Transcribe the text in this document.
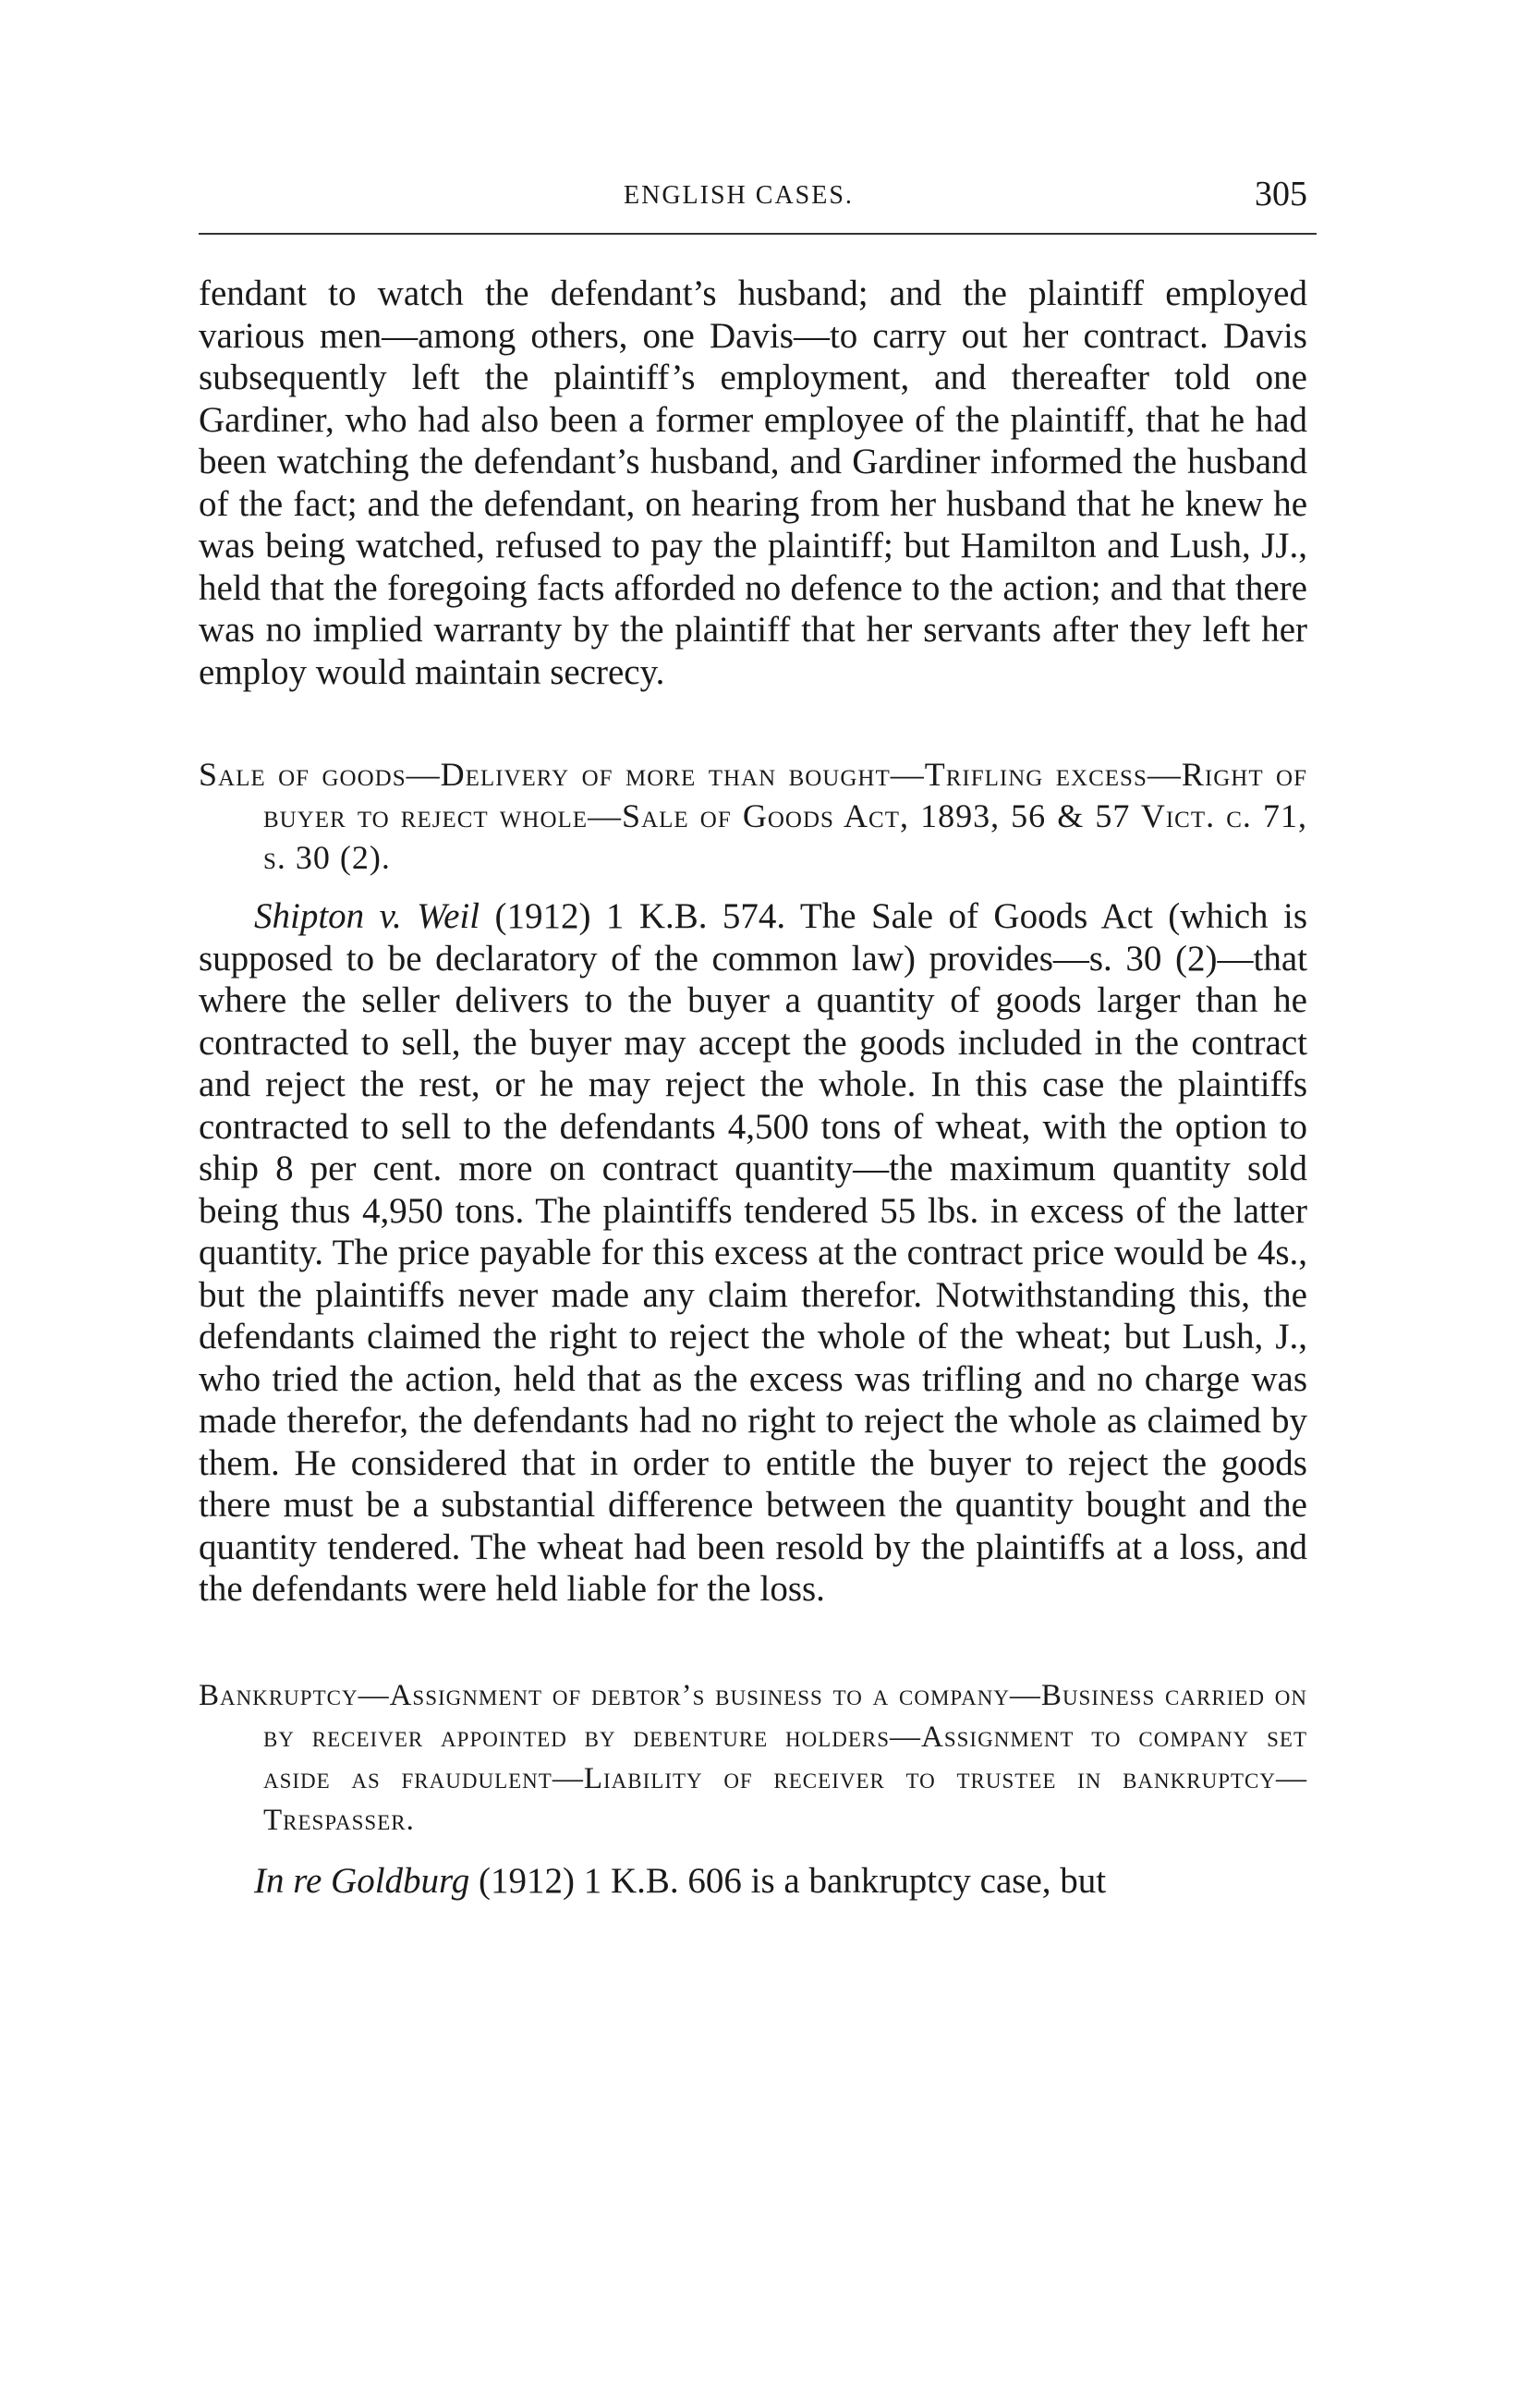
ENGLISH CASES.	305

fendant to watch the defendant’s husband; and the plaintiff employed various men—among others, one Davis—to carry out her contract. Davis subsequently left the plaintiff’s employment, and thereafter told one Gardiner, who had also been a former employee of the plaintiff, that he had been watching the defendant’s husband, and Gardiner informed the husband of the fact; and the defendant, on hearing from her husband that he knew he was being watched, refused to pay the plaintiff; but Hamilton and Lush, JJ., held that the foregoing facts afforded no defence to the action; and that there was no implied warranty by the plaintiff that her servants after they left her employ would maintain secrecy.

Sale of goods—Delivery of more than bought—Trifling excess—Right of buyer to reject whole—Sale of Goods Act, 1893, 56 & 57 Vict. c. 71, s. 30 (2).

Shipton v. Weil (1912) 1 K.B. 574. The Sale of Goods Act (which is supposed to be declaratory of the common law) provides—s. 30 (2)—that where the seller delivers to the buyer a quantity of goods larger than he contracted to sell, the buyer may accept the goods included in the contract and reject the rest, or he may reject the whole. In this case the plaintiffs contracted to sell to the defendants 4,500 tons of wheat, with the option to ship 8 per cent. more on contract quantity—the maximum quantity sold being thus 4,950 tons. The plaintiffs tendered 55 lbs. in excess of the latter quantity. The price payable for this excess at the contract price would be 4s., but the plaintiffs never made any claim therefor. Notwithstanding this, the defendants claimed the right to reject the whole of the wheat; but Lush, J., who tried the action, held that as the excess was trifling and no charge was made therefor, the defendants had no right to reject the whole as claimed by them. He considered that in order to entitle the buyer to reject the goods there must be a substantial difference between the quantity bought and the quantity tendered. The wheat had been resold by the plaintiffs at a loss, and the defendants were held liable for the loss.

Bankruptcy—Assignment of debtor’s business to a company—Business carried on by receiver appointed by debenture holders—Assignment to company set aside as fraudulent—Liability of receiver to trustee in bankruptcy—Trespasser.

In re Goldburg (1912) 1 K.B. 606 is a bankruptcy case, but
